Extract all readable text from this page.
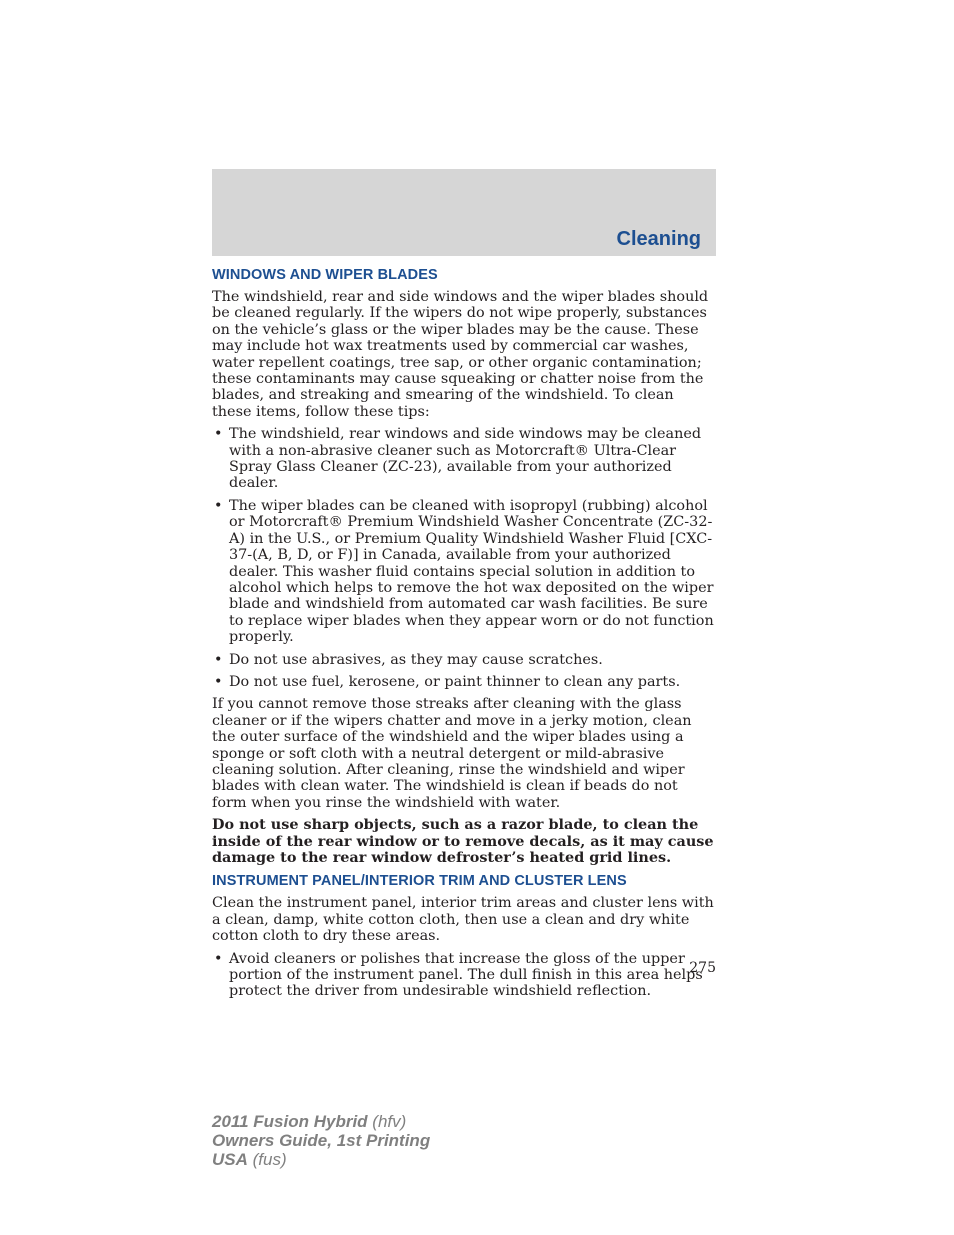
Cleaning
WINDOWS AND WIPER BLADES

The windshield, rear and side windows and the wiper blades should be cleaned regularly. If the wipers do not wipe properly, substances on the vehicle’s glass or the wiper blades may be the cause. These may include hot wax treatments used by commercial car washes, water repellent coatings, tree sap, or other organic contamination; these contaminants may cause squeaking or chatter noise from the blades, and streaking and smearing of the windshield. To clean these items, follow these tips:

• The windshield, rear windows and side windows may be cleaned with a non-abrasive cleaner such as Motorcraft® Ultra-Clear Spray Glass Cleaner (ZC-23), available from your authorized dealer.
• The wiper blades can be cleaned with isopropyl (rubbing) alcohol or Motorcraft® Premium Windshield Washer Concentrate (ZC-32-A) in the U.S., or Premium Quality Windshield Washer Fluid [CXC-37-(A, B, D, or F)] in Canada, available from your authorized dealer. This washer fluid contains special solution in addition to alcohol which helps to remove the hot wax deposited on the wiper blade and windshield from automated car wash facilities. Be sure to replace wiper blades when they appear worn or do not function properly.
• Do not use abrasives, as they may cause scratches.
• Do not use fuel, kerosene, or paint thinner to clean any parts.

If you cannot remove those streaks after cleaning with the glass cleaner or if the wipers chatter and move in a jerky motion, clean the outer surface of the windshield and the wiper blades using a sponge or soft cloth with a neutral detergent or mild-abrasive cleaning solution. After cleaning, rinse the windshield and wiper blades with clean water. The windshield is clean if beads do not form when you rinse the windshield with water.

Do not use sharp objects, such as a razor blade, to clean the inside of the rear window or to remove decals, as it may cause damage to the rear window defroster’s heated grid lines.

INSTRUMENT PANEL/INTERIOR TRIM AND CLUSTER LENS

Clean the instrument panel, interior trim areas and cluster lens with a clean, damp, white cotton cloth, then use a clean and dry white cotton cloth to dry these areas.

• Avoid cleaners or polishes that increase the gloss of the upper portion of the instrument panel. The dull finish in this area helps protect the driver from undesirable windshield reflection.
275
2011 Fusion Hybrid (hfv)
Owners Guide, 1st Printing
USA (fus)
